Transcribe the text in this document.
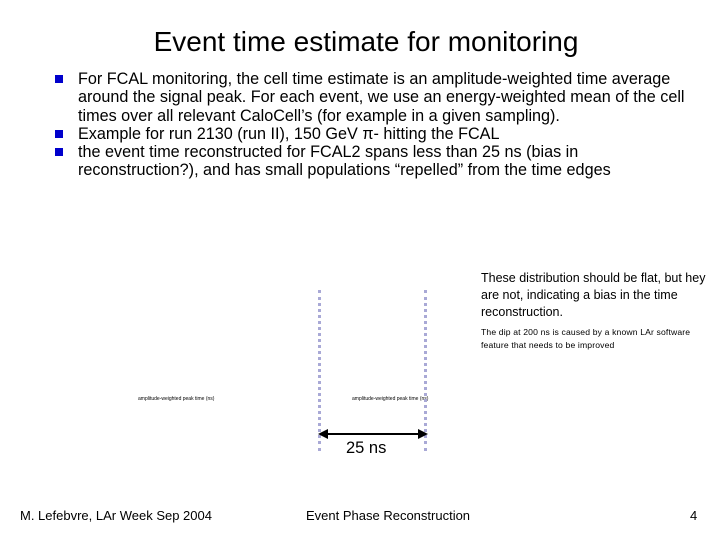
Event time estimate for monitoring
For FCAL monitoring, the cell time estimate is an amplitude-weighted time average around the signal peak. For each event, we use an energy-weighted mean of the cell times over all relevant CaloCell’s (for example in a given sampling).
Example for run 2130 (run II), 150 GeV π- hitting the FCAL
the event time reconstructed for FCAL2 spans less than 25 ns (bias in reconstruction?), and has small populations “repelled” from the time edges
These distribution should be flat, but hey are not, indicating a bias in the time reconstruction.
The dip at 200 ns is caused by a known LAr software feature that needs to be improved
amplitude-weighted peak time (ns)	amplitude-weighted peak time (ns)
25 ns
M. Lefebvre, LAr Week Sep 2004	Event Phase Reconstruction	4
